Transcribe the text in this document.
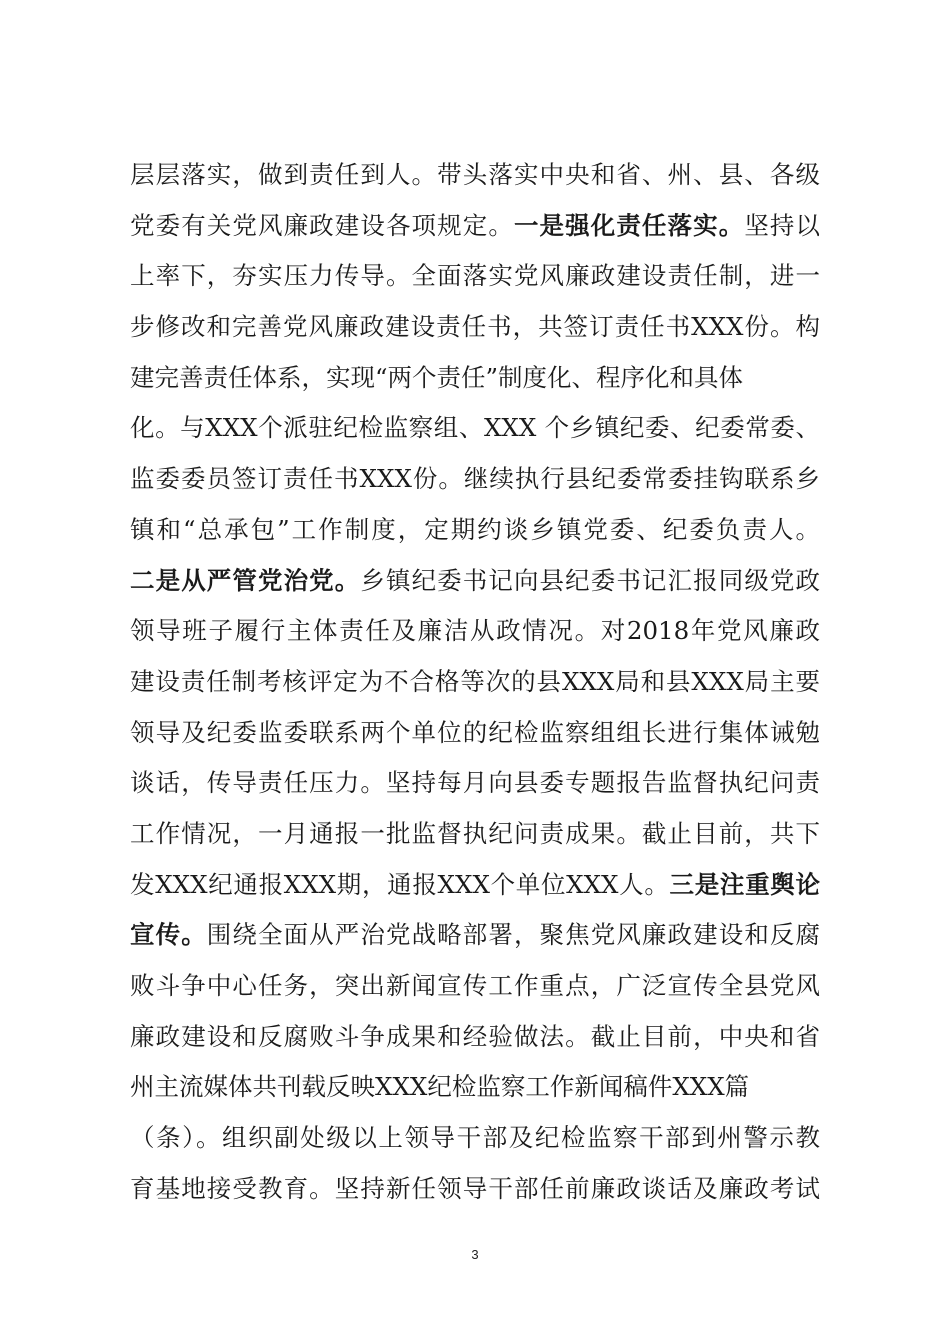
层层落实，做到责任到人。带头落实中央和省、州、县、各级
党委有关党风廉政建设各项规定。一是强化责任落实。坚持以
上率下，夯实压力传导。全面落实党风廉政建设责任制，进一
步修改和完善党风廉政建设责任书，共签订责任书XXX份。构
建完善责任体系，实现“两个责任”制度化、程序化和具体
化。与XXX个派驻纪检监察组、XXX 个乡镇纪委、纪委常委、
监委委员签订责任书XXX份。继续执行县纪委常委挂钩联系乡
镇和“总承包”工作制度，定期约谈乡镇党委、纪委负责人。
二是从严管党治党。乡镇纪委书记向县纪委书记汇报同级党政
领导班子履行主体责任及廉洁从政情况。对2018年党风廉政
建设责任制考核评定为不合格等次的县XXX局和县XXX局主要
领导及纪委监委联系两个单位的纪检监察组组长进行集体诫勉
谈话，传导责任压力。坚持每月向县委专题报告监督执纪问责
工作情况，一月通报一批监督执纪问责成果。截止目前，共下
发XXX纪通报XXX期，通报XXX个单位XXX人。三是注重舆论
宣传。围绕全面从严治党战略部署，聚焦党风廉政建设和反腐
败斗争中心任务，突出新闻宣传工作重点，广泛宣传全县党风
廉政建设和反腐败斗争成果和经验做法。截止目前，中央和省
州主流媒体共刊载反映XXX纪检监察工作新闻稿件XXX篇
（条）。组织副处级以上领导干部及纪检监察干部到州警示教
育基地接受教育。坚持新任领导干部任前廉政谈话及廉政考试
3
